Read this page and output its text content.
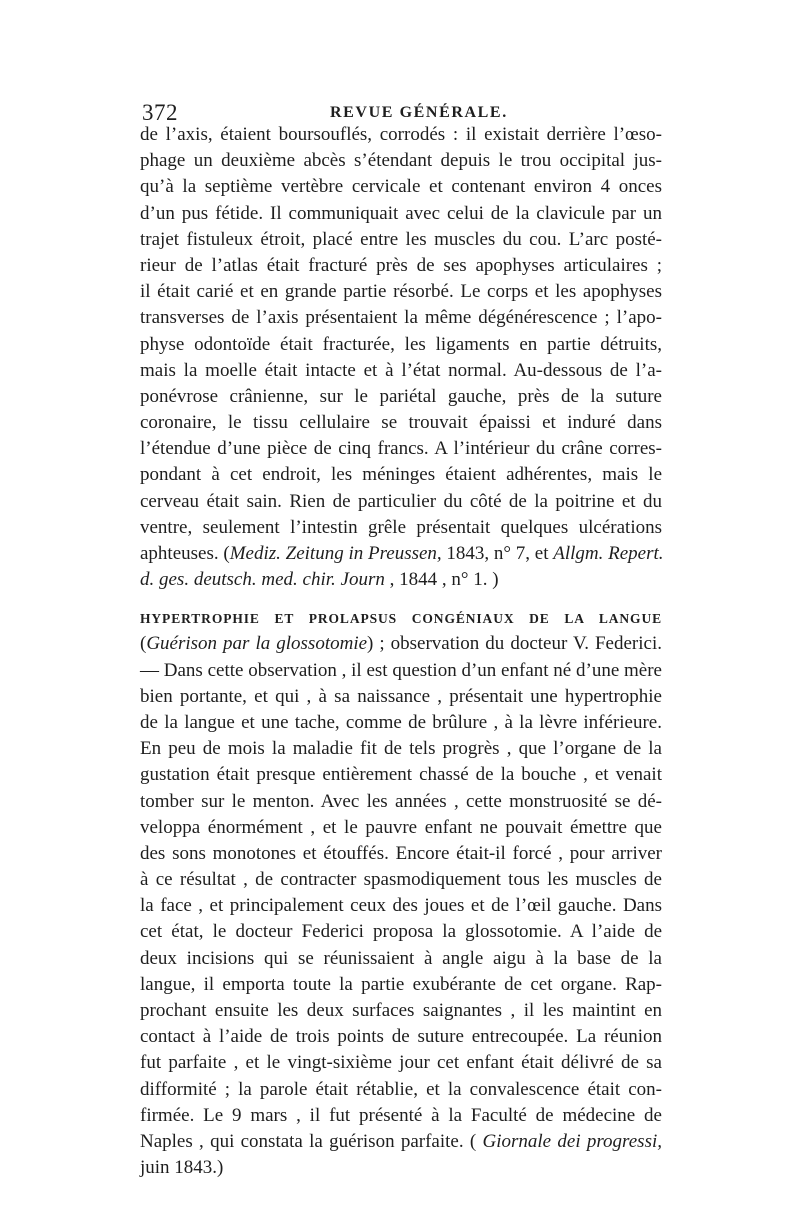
372	REVUE GÉNÉRALE.
de l’axis, étaient boursouflés, corrodés : il existait derrière l’œso-
phage un deuxième abcès s’étendant depuis le trou occipital jus-
qu’à la septième vertèbre cervicale et contenant environ 4 onces
d’un pus fétide. Il communiquait avec celui de la clavicule par un
trajet fistuleux étroit, placé entre les muscles du cou. L’arc posté-
rieur de l’atlas était fracturé près de ses apophyses articulaires ;
il était carié et en grande partie résorbé. Le corps et les apophyses
transverses de l’axis présentaient la même dégénérescence ; l’apo-
physe odontoïde était fracturée, les ligaments en partie détruits,
mais la moelle était intacte et à l’état normal. Au-dessous de l’a-
ponévrose crânienne, sur le pariétal gauche, près de la suture
coronaire, le tissu cellulaire se trouvait épaissi et induré dans
l’étendue d’une pièce de cinq francs. A l’intérieur du crâne corres-
pondant à cet endroit, les méninges étaient adhérentes, mais le
cerveau était sain. Rien de particulier du côté de la poitrine et du
ventre, seulement l’intestin grêle présentait quelques ulcérations
aphteuses. (Mediz. Zeitung in Preussen, 1843, n° 7, et Allgm. Repert.
d. ges. deutsch. med. chir. Journ , 1844 , n° 1. )
HYPERTROPHIE ET PROLAPSUS CONGÉNIAUX DE LA LANGUE
(Guérison par la glossotomie) ; observation du docteur V. Federici.
— Dans cette observation , il est question d’un enfant né d’une mère
bien portante, et qui , à sa naissance , présentait une hypertrophie
de la langue et une tache, comme de brûlure , à la lèvre inférieure.
En peu de mois la maladie fit de tels progrès , que l’organe de la
gustation était presque entièrement chassé de la bouche , et venait
tomber sur le menton. Avec les années , cette monstruosité se dé-
veloppa énormément , et le pauvre enfant ne pouvait émettre que
des sons monotones et étouffés. Encore était-il forcé , pour arriver
à ce résultat , de contracter spasmodiquement tous les muscles de
la face , et principalement ceux des joues et de l’œil gauche. Dans
cet état, le docteur Federici proposa la glossotomie. A l’aide de
deux incisions qui se réunissaient à angle aigu à la base de la
langue, il emporta toute la partie exubérante de cet organe. Rap-
prochant ensuite les deux surfaces saignantes , il les maintint en
contact à l’aide de trois points de suture entrecoupée. La réunion
fut parfaite , et le vingt-sixième jour cet enfant était délivré de sa
difformité ; la parole était rétablie, et la convalescence était con-
firmée. Le 9 mars , il fut présenté à la Faculté de médecine de
Naples , qui constata la guérison parfaite. ( Giornale dei progressi,
juin 1843.)
